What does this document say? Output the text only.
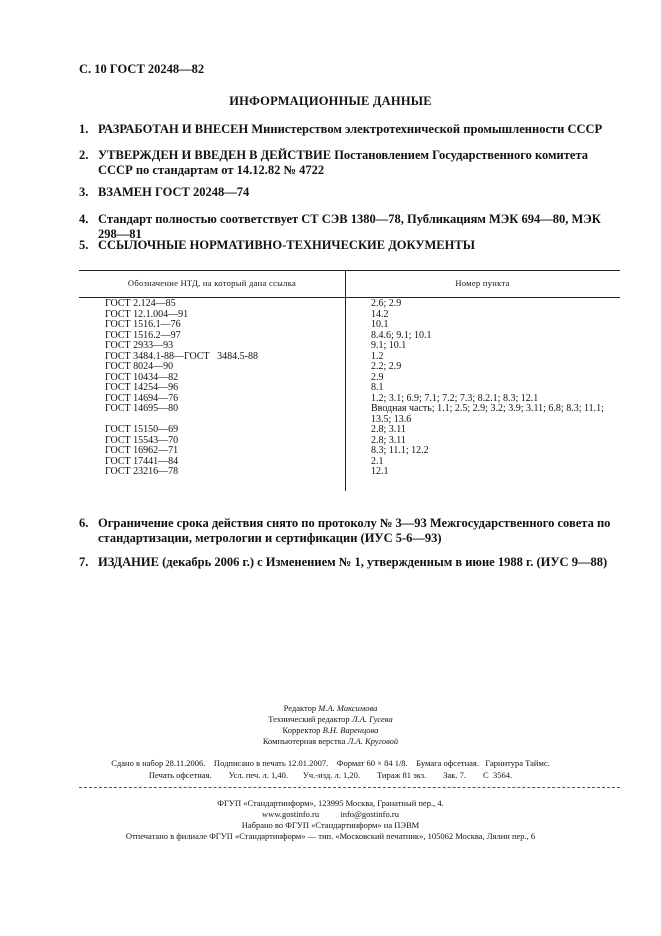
С. 10 ГОСТ 20248—82
ИНФОРМАЦИОННЫЕ ДАННЫЕ
1. РАЗРАБОТАН И ВНЕСЕН Министерством электротехнической промышленности СССР
2. УТВЕРЖДЕН И ВВЕДЕН В ДЕЙСТВИЕ Постановлением Государственного комитета СССР по стандартам от 14.12.82 № 4722
3. ВЗАМЕН ГОСТ 20248—74
4. Стандарт полностью соответствует СТ СЭВ 1380—78, Публикациям МЭК 694—80, МЭК 298—81
5. ССЫЛОЧНЫЕ НОРМАТИВНО-ТЕХНИЧЕСКИЕ ДОКУМЕНТЫ
Обозначение НТД, на который дана ссылка	Номер пункта
ГОСТ 2.124—85
ГОСТ 12.1.004—91
ГОСТ 1516.1—76
ГОСТ 1516.2—97
ГОСТ 2933—93
ГОСТ 3484.1-88—ГОСТ   3484.5-88
ГОСТ 8024—90
ГОСТ 10434—82
ГОСТ 14254—96
ГОСТ 14694—76
ГОСТ 14695—80
ГОСТ 15150—69
ГОСТ 15543—70
ГОСТ 16962—71
ГОСТ 17441—84
ГОСТ 23216—78
2.6; 2.9
14.2
10.1
8.4.6; 9.1; 10.1
9.1; 10.1
1.2
2.2; 2.9
2.9
8.1
1.2; 3.1; 6.9; 7.1; 7.2; 7.3; 8.2.1; 8.3; 12.1
Вводная часть; 1.1; 2.5; 2.9; 3.2; 3.9; 3.11; 6.8; 8.3; 11.1; 13.5; 13.6
2.8; 3.11
2.8; 3.11
8.3; 11.1; 12.2
2.1
12.1
6. Ограничение срока действия снято по протоколу № 3—93 Межгосударственного совета по стандартизации, метрологии и сертификации (ИУС 5-6—93)
7. ИЗДАНИЕ (декабрь 2006 г.) с Изменением № 1, утвержденным в июне 1988 г. (ИУС 9—88)
Редактор М.А. Максимова
Технический редактор Л.А. Гусева
Корректор В.Н. Варенцова
Компьютерная верстка Л.А. Круговой
Сдано в набор 28.11.2006.    Подписано в печать 12.01.2007.    Формат 60 × 84 1/8.    Бумага офсетная.   Гарнитура Таймс.
Печать офсетная.        Усл. печ. л. 1,40.       Уч.-изд. л. 1,20.        Тираж 81 экз.        Зак. 7.        С  3564.
ФГУП «Стандартинформ», 123995 Москва, Гранатный пер., 4.
www.gostinfo.ru          info@gostinfo.ru
Набрано во ФГУП «Стандартинформ» на ПЭВМ
Отпечатано в филиале ФГУП «Стандартинформ» — тип. «Московский печатник», 105062 Москва, Лялин пер., 6
